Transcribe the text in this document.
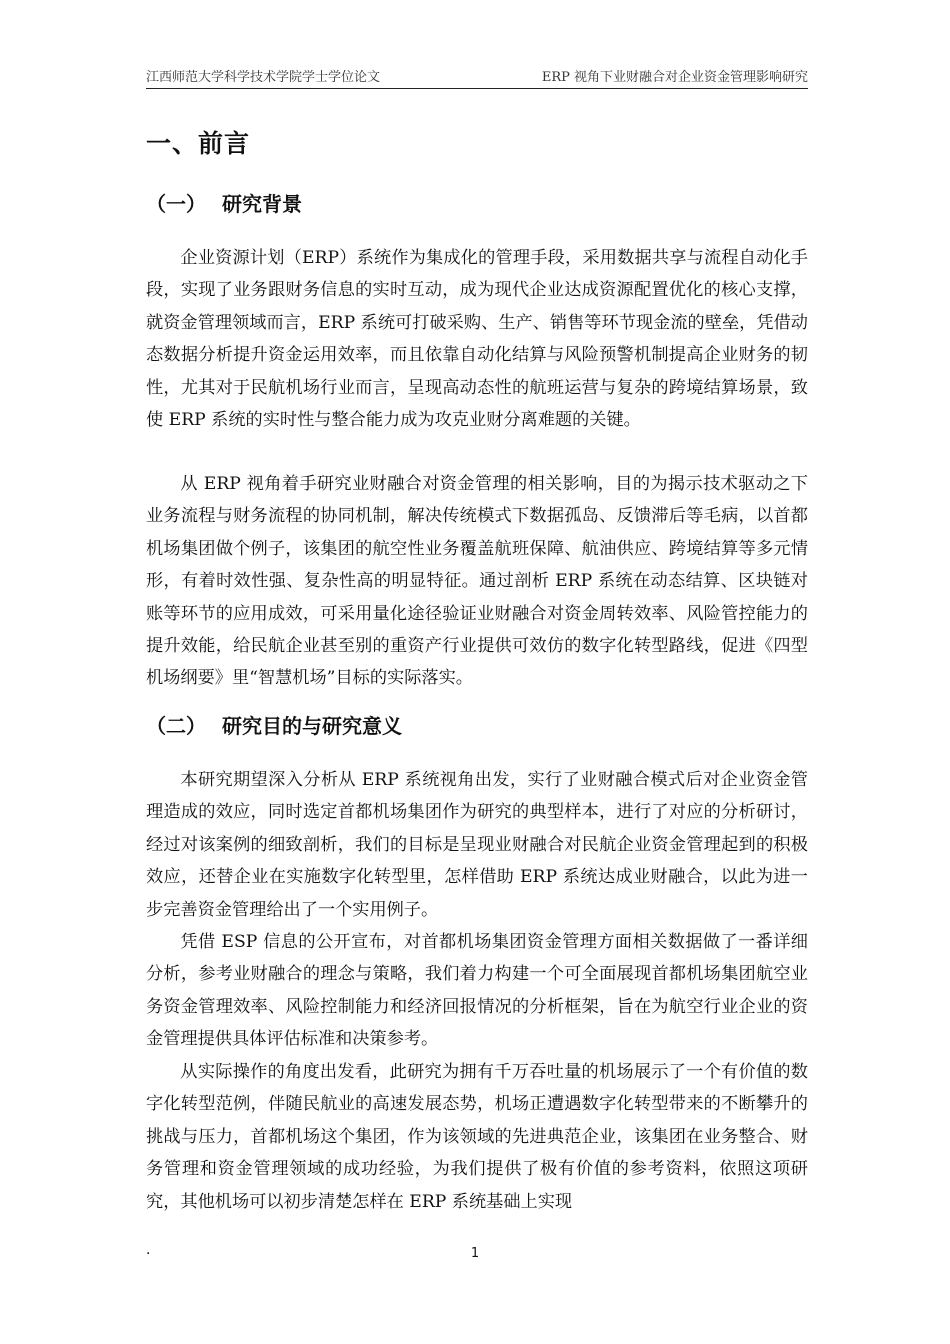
江西师范大学科学技术学院学士学位论文	ERP 视角下业财融合对企业资金管理影响研究
一、前言
（一） 研究背景

企业资源计划（ERP）系统作为集成化的管理手段，采用数据共享与流程自动化手段，实现了业务跟财务信息的实时互动，成为现代企业达成资源配置优化的核心支撑，就资金管理领域而言，ERP 系统可打破采购、生产、销售等环节现金流的壁垒，凭借动态数据分析提升资金运用效率，而且依靠自动化结算与风险预警机制提高企业财务的韧性，尤其对于民航机场行业而言，呈现高动态性的航班运营与复杂的跨境结算场景，致使 ERP 系统的实时性与整合能力成为攻克业财分离难题的关键。

从 ERP 视角着手研究业财融合对资金管理的相关影响，目的为揭示技术驱动之下业务流程与财务流程的协同机制，解决传统模式下数据孤岛、反馈滞后等毛病，以首都机场集团做个例子，该集团的航空性业务覆盖航班保障、航油供应、跨境结算等多元情形，有着时效性强、复杂性高的明显特征。通过剖析 ERP 系统在动态结算、区块链对账等环节的应用成效，可采用量化途径验证业财融合对资金周转效率、风险管控能力的提升效能，给民航企业甚至别的重资产行业提供可效仿的数字化转型路线，促进《四型机场纲要》里“智慧机场”目标的实际落实。

（二） 研究目的与研究意义

本研究期望深入分析从 ERP 系统视角出发，实行了业财融合模式后对企业资金管理造成的效应，同时选定首都机场集团作为研究的典型样本，进行了对应的分析研讨，经过对该案例的细致剖析，我们的目标是呈现业财融合对民航企业资金管理起到的积极效应，还替企业在实施数字化转型里，怎样借助 ERP 系统达成业财融合，以此为进一步完善资金管理给出了一个实用例子。

凭借 ESP 信息的公开宣布，对首都机场集团资金管理方面相关数据做了一番详细分析，参考业财融合的理念与策略，我们着力构建一个可全面展现首都机场集团航空业务资金管理效率、风险控制能力和经济回报情况的分析框架，旨在为航空行业企业的资金管理提供具体评估标准和决策参考。

从实际操作的角度出发看，此研究为拥有千万吞吐量的机场展示了一个有价值的数字化转型范例，伴随民航业的高速发展态势，机场正遭遇数字化转型带来的不断攀升的挑战与压力，首都机场这个集团，作为该领域的先进典范企业，该集团在业务整合、财务管理和资金管理领域的成功经验，为我们提供了极有价值的参考资料，依照这项研究，其他机场可以初步清楚怎样在 ERP 系统基础上实现

·	1
